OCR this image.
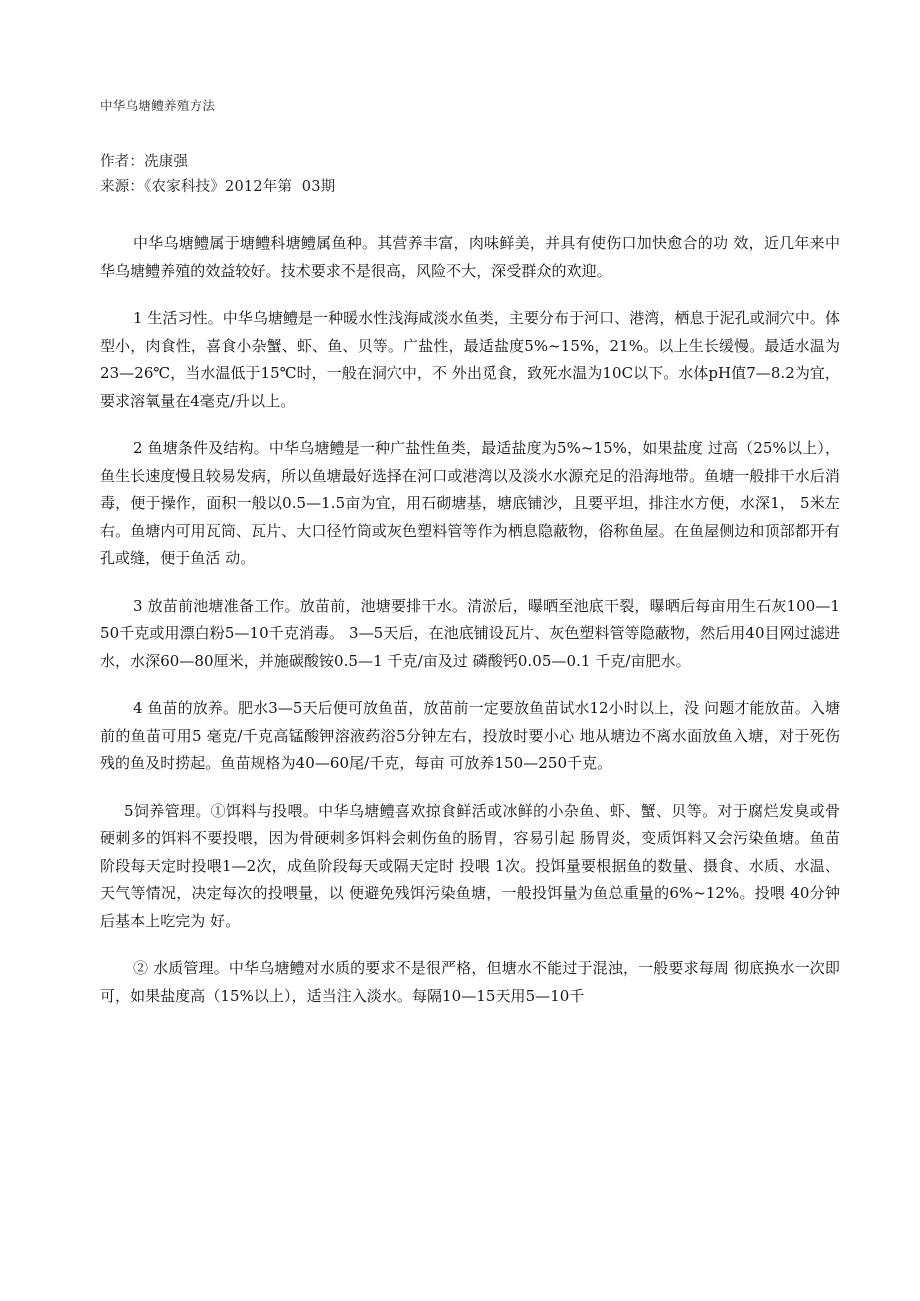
中华乌塘鳢养殖方法
作者：冼康强
来源：《农家科技》2012年第  03期

中华乌塘鳢属于塘鳢科塘鳢属鱼种。其营养丰富，肉味鲜美，并具有使伤口加快愈合的功 效，近几年来中华乌塘鳢养殖的效益较好。技术要求不是很高，风险不大，深受群众的欢迎。

1 生活习性。中华乌塘鳢是一种暖水性浅海咸淡水鱼类，主要分布于河口、港湾，栖息于泥孔或洞穴中。体型小，肉食性，喜食小杂蟹、虾、鱼、贝等。广盐性，最适盐度5%~15%，21%。以上生长缓慢。最适水温为23—26℃，当水温低于15℃时，一般在洞穴中，不 外出觅食，致死水温为10C以下。水体pH值7—8.2为宜，要求溶氧量在4毫克/升以上。

2 鱼塘条件及结构。中华乌塘鳢是一种广盐性鱼类，最适盐度为5%~15%，如果盐度 过高（25%以上），鱼生长速度慢且较易发病，所以鱼塘最好选择在河口或港湾以及淡水水源充足的沿海地带。鱼塘一般排干水后消毒，便于操作，面积一般以0.5—1.5亩为宜，用石砌塘基，塘底铺沙，且要平坦，排注水方便，水深1， 5米左右。鱼塘内可用瓦筒、瓦片、大口径竹筒或灰色塑料管等作为栖息隐蔽物，俗称鱼屋。在鱼屋侧边和顶部都开有孔或缝，便于鱼活 动。

3 放苗前池塘准备工作。放苗前，池塘要排干水。清淤后，曝晒至池底干裂，曝晒后每亩用生石灰100—150千克或用漂白粉5—10千克消毒。 3—5天后，在池底铺设瓦片、灰色塑料管等隐蔽物，然后用40目网过滤进水，水深60—80厘米，并施碳酸铵0.5—1 千克/亩及过 磷酸钙0.05—0.1 千克/亩肥水。

4 鱼苗的放养。肥水3—5天后便可放鱼苗，放苗前一定要放鱼苗试水12小时以上，没 问题才能放苗。入塘前的鱼苗可用5 毫克/千克高锰酸钾溶液药浴5分钟左右，投放时要小心 地从塘边不离水面放鱼入塘，对于死伤残的鱼及时捞起。鱼苗规格为40—60尾/千克，每亩 可放养150—250千克。

5饲养管理。①饵料与投喂。中华乌塘鳢喜欢掠食鲜活或冰鲜的小杂鱼、虾、蟹、贝等。对于腐烂发臭或骨硬刺多的饵料不要投喂，因为骨硬刺多饵料会刺伤鱼的肠胃，容易引起 肠胃炎，变质饵料又会污染鱼塘。鱼苗阶段每天定时投喂1—2次，成鱼阶段每天或隔天定时 投喂 1次。投饵量要根据鱼的数量、摄食、水质、水温、天气等情况，决定每次的投喂量，以 便避免残饵污染鱼塘，一般投饵量为鱼总重量的6%~12%。投喂 40分钟后基本上吃完为 好。

② 水质管理。中华乌塘鳢对水质的要求不是很严格，但塘水不能过于混浊，一般要求每周 彻底换水一次即可，如果盐度高（15%以上），适当注入淡水。每隔10—15天用5—10千
